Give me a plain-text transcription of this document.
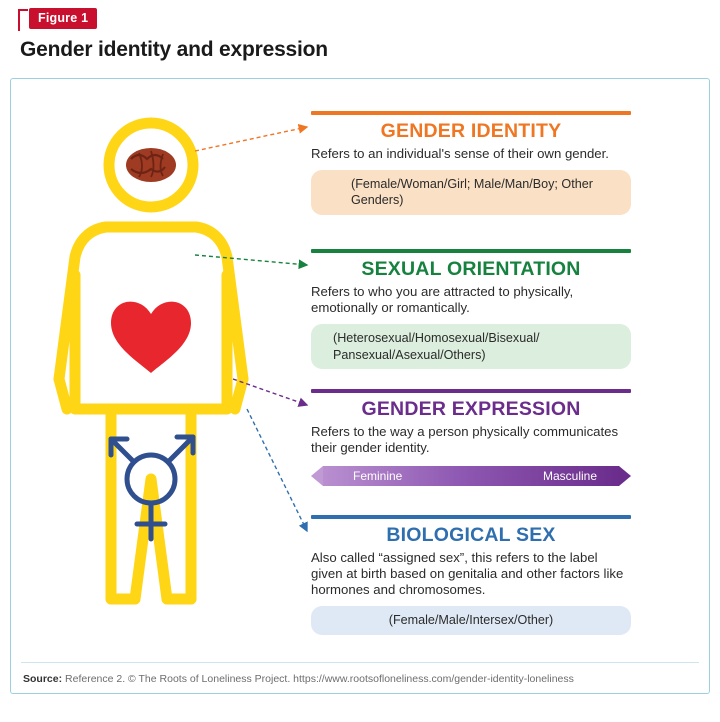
Figure 1
Gender identity and expression
GENDER IDENTITY
Refers to an individual's sense of their own gender.
(Female/Woman/Girl; Male/Man/Boy; Other Genders)
SEXUAL ORIENTATION
Refers to who you are attracted to physically, emotionally or romantically.
(Heterosexual/Homosexual/Bisexual/ Pansexual/Asexual/Others)
GENDER EXPRESSION
Refers to the way a person physically communicates their gender identity.
Feminine	Masculine
BIOLOGICAL SEX
Also called “assigned sex”, this refers to the label given at birth based on genitalia and other factors like hormones and chromosomes.
(Female/Male/Intersex/Other)
Source: Reference 2. © The Roots of Loneliness Project. https://www.rootsofloneliness.com/gender-identity-loneliness
